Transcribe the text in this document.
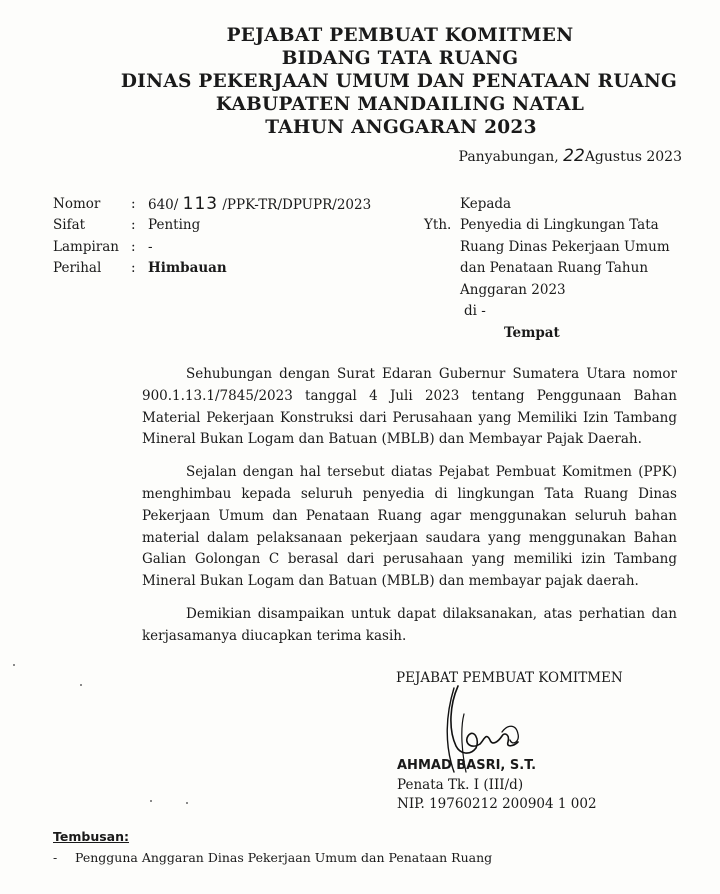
PEJABAT PEMBUAT KOMITMEN

BIDANG TATA RUANG

DINAS PEKERJAAN UMUM DAN PENATAAN RUANG

KABUPATEN MANDAILING NATAL

TAHUN ANGGARAN 2023

Panyabungan, 22Agustus 2023
Nomor	: 640/ 113 /PPK-TR/DPUPR/2023
Sifat	: Penting
Lampiran : -
Perihal	: Himbauan
Kepada
Yth. Penyedia di Lingkungan Tata
Ruang Dinas Pekerjaan Umum
dan Penataan Ruang Tahun
Anggaran 2023
di -
Tempat

Sehubungan dengan Surat Edaran Gubernur Sumatera Utara nomor 900.1.13.1/7845/2023 tanggal 4 Juli 2023 tentang Penggunaan Bahan Material Pekerjaan Konstruksi dari Perusahaan yang Memiliki Izin Tambang Mineral Bukan Logam dan Batuan (MBLB) dan Membayar Pajak Daerah.

Sejalan dengan hal tersebut diatas Pejabat Pembuat Komitmen (PPK) menghimbau kepada seluruh penyedia di lingkungan Tata Ruang Dinas Pekerjaan Umum dan Penataan Ruang agar menggunakan seluruh bahan material dalam pelaksanaan pekerjaan saudara yang menggunakan Bahan Galian Golongan C berasal dari perusahaan yang memiliki izin Tambang Mineral Bukan Logam dan Batuan (MBLB) dan membayar pajak daerah.

Demikian disampaikan untuk dapat dilaksanakan, atas perhatian dan kerjasamanya diucapkan terima kasih.

PEJABAT PEMBUAT KOMITMEN
AHMAD BASRI, S.T.
Penata Tk. I (III/d)
NIP. 19760212 200904 1 002
Tembusan:
-	Pengguna Anggaran Dinas Pekerjaan Umum dan Penataan Ruang
